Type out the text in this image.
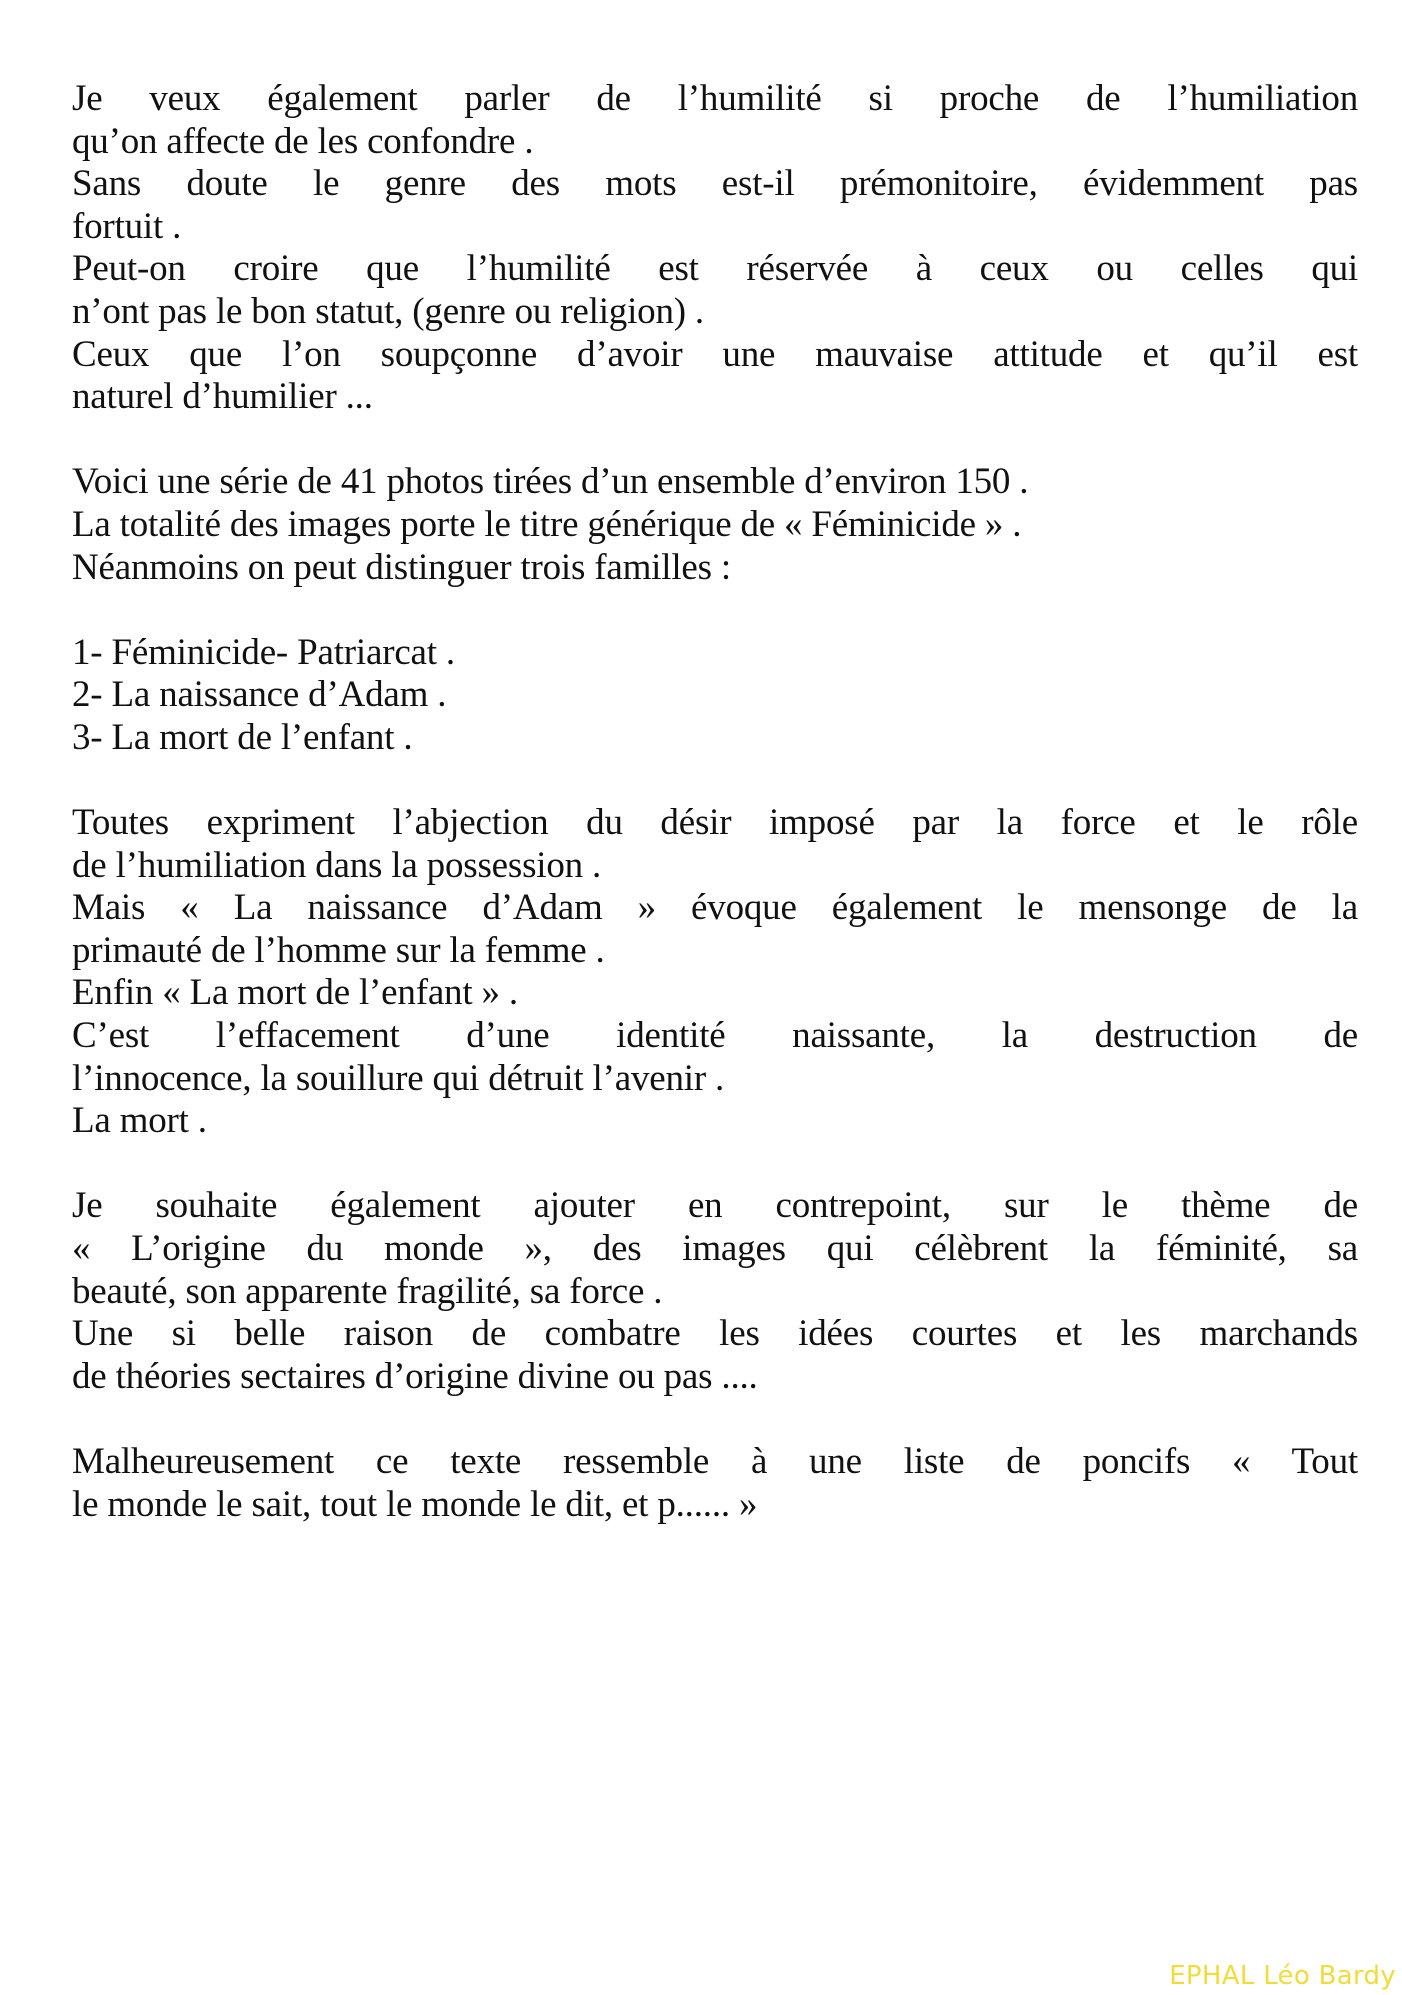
Je veux également parler de l’humilité si proche de l’humiliation
qu’on affecte de les confondre .
Sans doute le genre des mots est-il prémonitoire, évidemment pas
fortuit .
Peut-on croire que l’humilité est réservée à ceux ou celles qui
n’ont pas le bon statut, (genre ou religion) .
Ceux que l’on soupçonne d’avoir une mauvaise attitude et qu’il est
naturel d’humilier ...
Voici une série de 41 photos tirées d’un ensemble d’environ 150 .
La totalité des images porte le titre générique de « Féminicide » .
Néanmoins on peut distinguer trois familles :
1- Féminicide- Patriarcat .
2- La naissance d’Adam .
3- La mort de l’enfant .
Toutes expriment l’abjection du désir imposé par la force et le rôle
de l’humiliation dans la possession .
Mais « La naissance d’Adam » évoque également le mensonge de la
primauté de l’homme sur la femme .
Enfin « La mort de l’enfant » .
C’est l’effacement d’une identité naissante, la destruction de
l’innocence, la souillure qui détruit l’avenir .
La mort .
Je souhaite également ajouter en contrepoint, sur le thème de
« L’origine du monde », des images qui célèbrent la féminité, sa
beauté, son apparente fragilité, sa force .
Une si belle raison de combatre les idées courtes et les marchands
de théories sectaires d’origine divine ou pas ....
Malheureusement ce texte ressemble à une liste de poncifs « Tout
le monde le sait, tout le monde le dit, et p...... »
EPHAL Léo Bardy
